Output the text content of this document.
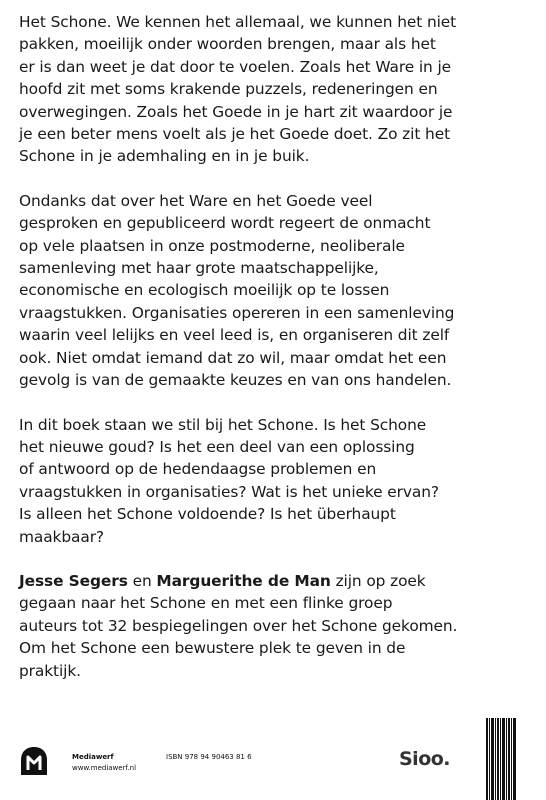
Het Schone. We kennen het allemaal, we kunnen het niet
pakken, moeilijk onder woorden brengen, maar als het
er is dan weet je dat door te voelen. Zoals het Ware in je
hoofd zit met soms krakende puzzels, redeneringen en
overwegingen. Zoals het Goede in je hart zit waardoor je
je een beter mens voelt als je het Goede doet. Zo zit het
Schone in je ademhaling en in je buik.

Ondanks dat over het Ware en het Goede veel
gesproken en gepubliceerd wordt regeert de onmacht
op vele plaatsen in onze postmoderne, neoliberale
samenleving met haar grote maatschappelijke,
economische en ecologisch moeilijk op te lossen
vraagstukken. Organisaties opereren in een samenleving
waarin veel lelijks en veel leed is, en organiseren dit zelf
ook. Niet omdat iemand dat zo wil, maar omdat het een
gevolg is van de gemaakte keuzes en van ons handelen.

In dit boek staan we stil bij het Schone. Is het Schone
het nieuwe goud? Is het een deel van een oplossing
of antwoord op de hedendaagse problemen en
vraagstukken in organisaties? Wat is het unieke ervan?
Is alleen het Schone voldoende? Is het überhaupt
maakbaar?

Jesse Segers en Marguerithe de Man zijn op zoek
gegaan naar het Schone en met een flinke groep
auteurs tot 32 bespiegelingen over het Schone gekomen.
Om het Schone een bewustere plek te geven in de
praktijk.

Mediawerf
www.mediawerf.nl
ISBN 978 94 90463 81 6	Sioo.
